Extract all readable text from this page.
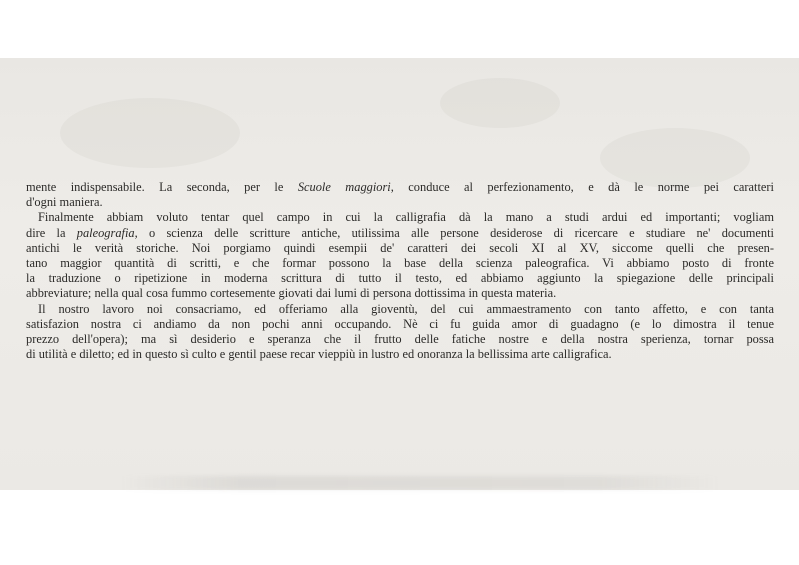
mente indispensabile. La seconda, per le Scuole maggiori, conduce al perfezionamento, e dà le norme pei caratteri
d'ogni maniera.
Finalmente abbiam voluto tentar quel campo in cui la calligrafia dà la mano a studi ardui ed importanti; vogliam
dire la paleografia, o scienza delle scritture antiche, utilissima alle persone desiderose di ricercare e studiare ne' documenti
antichi le verità storiche. Noi porgiamo quindi esempii de' caratteri dei secoli XI al XV, siccome quelli che presen-
tano maggior quantità di scritti, e che formar possono la base della scienza paleografica. Vi abbiamo posto di fronte
la traduzione o ripetizione in moderna scrittura di tutto il testo, ed abbiamo aggiunto la spiegazione delle principali
abbreviature; nella qual cosa fummo cortesemente giovati dai lumi di persona dottissima in questa materia.
Il nostro lavoro noi consacriamo, ed offeriamo alla gioventù, del cui ammaestramento con tanto affetto, e con tanta
satisfazion nostra ci andiamo da non pochi anni occupando. Nè ci fu guida amor di guadagno (e lo dimostra il tenue
prezzo dell'opera); ma sì desiderio e speranza che il frutto delle fatiche nostre e della nostra sperienza, tornar possa
di utilità e diletto; ed in questo sì culto e gentil paese recar vieppiù in lustro ed onoranza la bellissima arte calligrafica.
